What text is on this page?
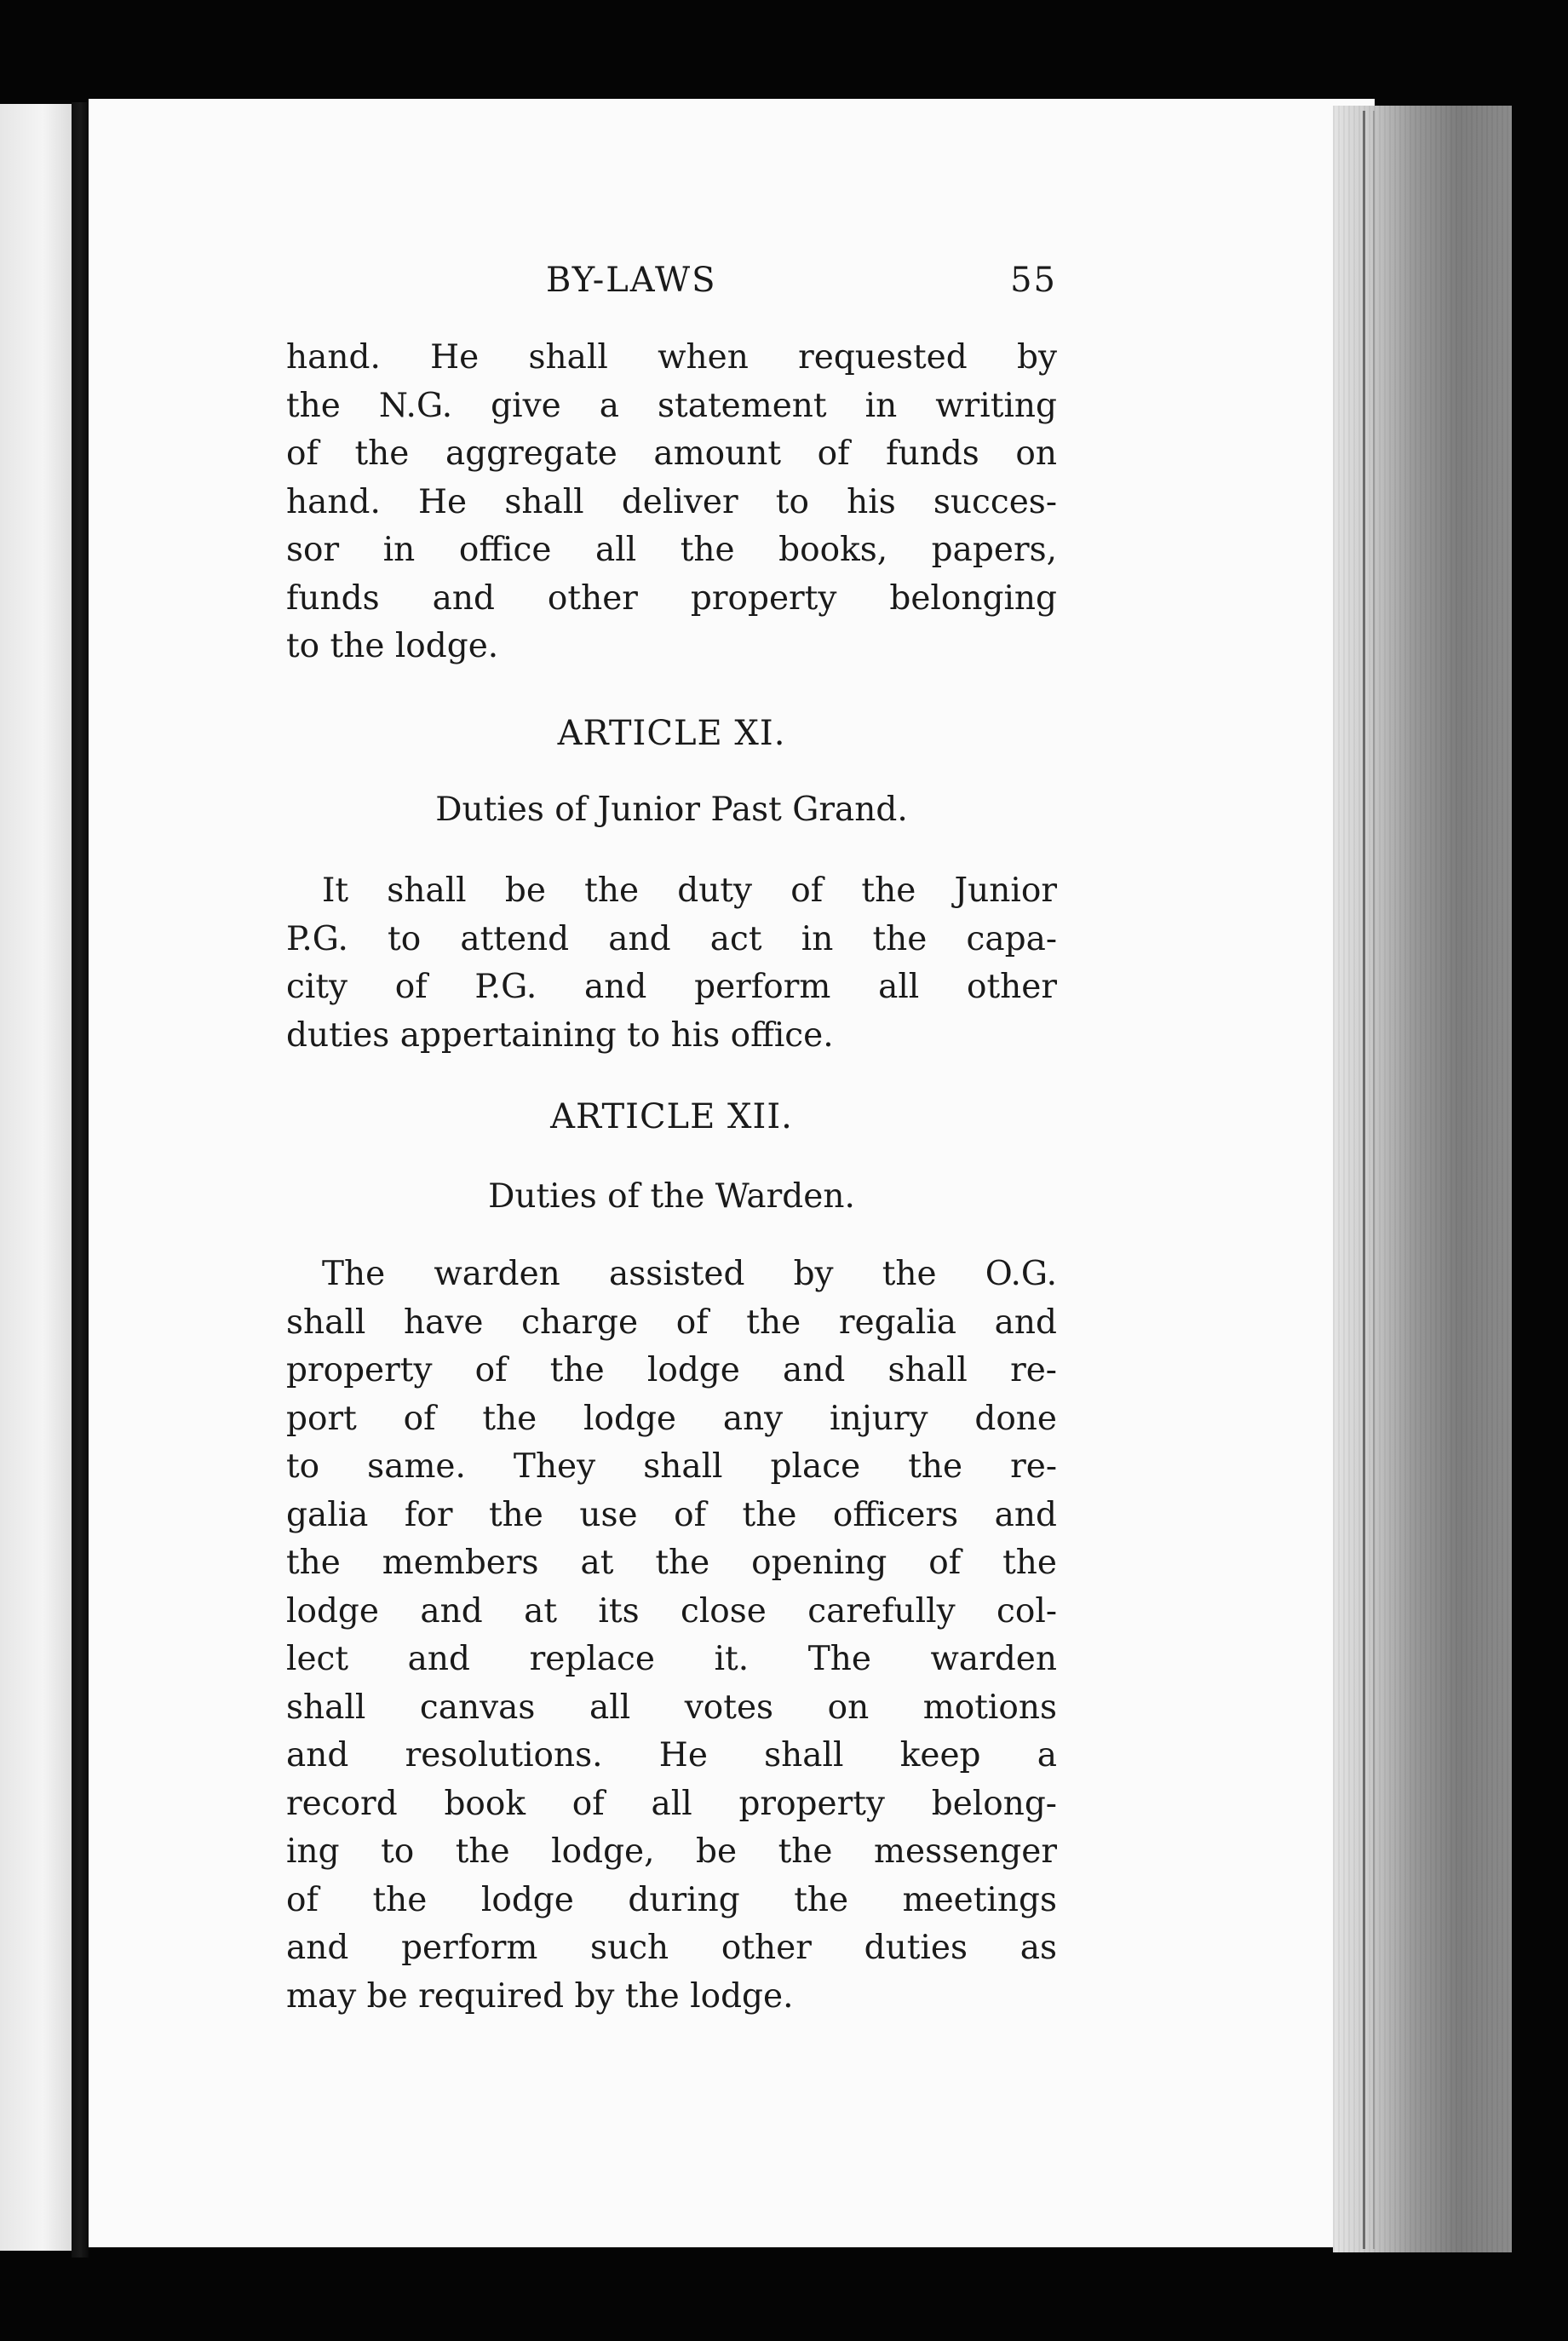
BY-LAWS	55
hand. He shall when requested by
the N.G. give a statement in writing
of the aggregate amount of funds on
hand. He shall deliver to his succes-
sor in office all the books, papers,
funds and other property belonging
to the lodge.
ARTICLE XI.
Duties of Junior Past Grand.
It shall be the duty of the Junior
P.G. to attend and act in the capa-
city of P.G. and perform all other
duties appertaining to his office.
ARTICLE XII.
Duties of the Warden.
The warden assisted by the O.G.
shall have charge of the regalia and
property of the lodge and shall re-
port of the lodge any injury done
to same. They shall place the re-
galia for the use of the officers and
the members at the opening of the
lodge and at its close carefully col-
lect and replace it. The warden
shall canvas all votes on motions
and resolutions. He shall keep a
record book of all property belong-
ing to the lodge, be the messenger
of the lodge during the meetings
and perform such other duties as
may be required by the lodge.
